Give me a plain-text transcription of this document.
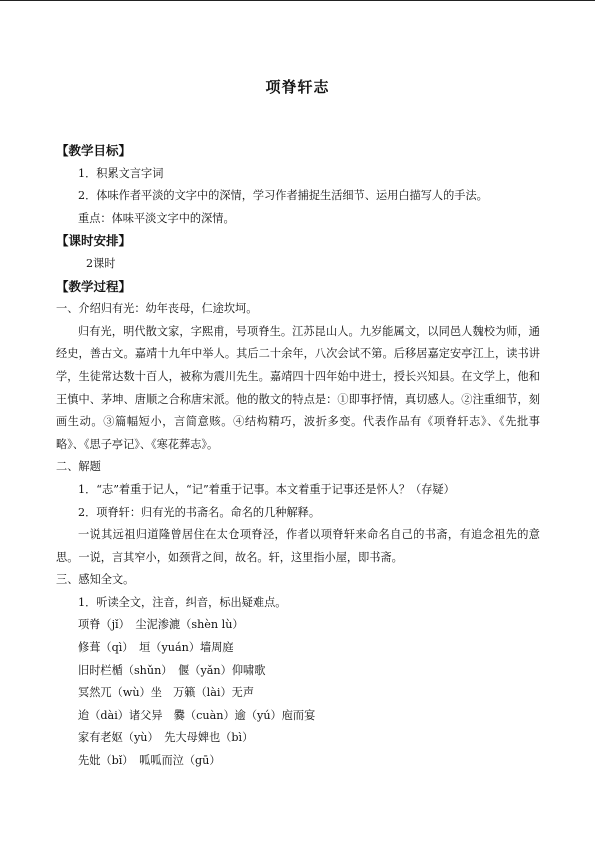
项脊轩志
【教学目标】
1．积累文言字词
2．体味作者平淡的文字中的深情，学习作者捕捉生活细节、运用白描写人的手法。
重点：体味平淡文字中的深情。
【课时安排】
2课时
【教学过程】
一、介绍归有光：幼年丧母，仁途坎坷。
归有光，明代散文家，字熙甫，号项脊生。江苏昆山人。九岁能属文，以同邑人魏校为师，通经史，善古文。嘉靖十九年中举人。其后二十余年，八次会试不第。后移居嘉定安亭江上，读书讲学，生徒常达数十百人，被称为震川先生。嘉靖四十四年始中进士，授长兴知县。在文学上，他和王慎中、茅坤、唐顺之合称唐宋派。他的散文的特点是：①即事抒情，真切感人。②注重细节，刻画生动。③篇幅短小，言简意赅。④结构精巧，波折多变。代表作品有《项脊轩志》、《先批事略》、《思子亭记》、《寒花葬志》。
二、解题
1．“志”着重于记人，“记”着重于记事。本文着重于记事还是怀人？（存疑）
2．项脊轩：归有光的书斋名。命名的几种解释。
一说其远祖归道隆曾居住在太仓项脊泾，作者以项脊轩来命名自己的书斋，有追念祖先的意思。一说，言其窄小，如颈背之间，故名。轩，这里指小屋，即书斋。
三、感知全文。
1．听读全文，注音，纠音，标出疑难点。
项脊（jǐ）　尘泥渗漉（shèn lù）
修葺（qì）　垣（yuán）墙周庭
旧时栏楯（shǔn）　偃（yǎn）仰啸歌
冥然兀（wù）坐　万籁（lài）无声
迨（dài）诸父异　爨（cuàn）逾（yú）庖而宴
家有老妪（yù）　先大母婢也（bì）
先妣（bǐ）　呱呱而泣（gū）
